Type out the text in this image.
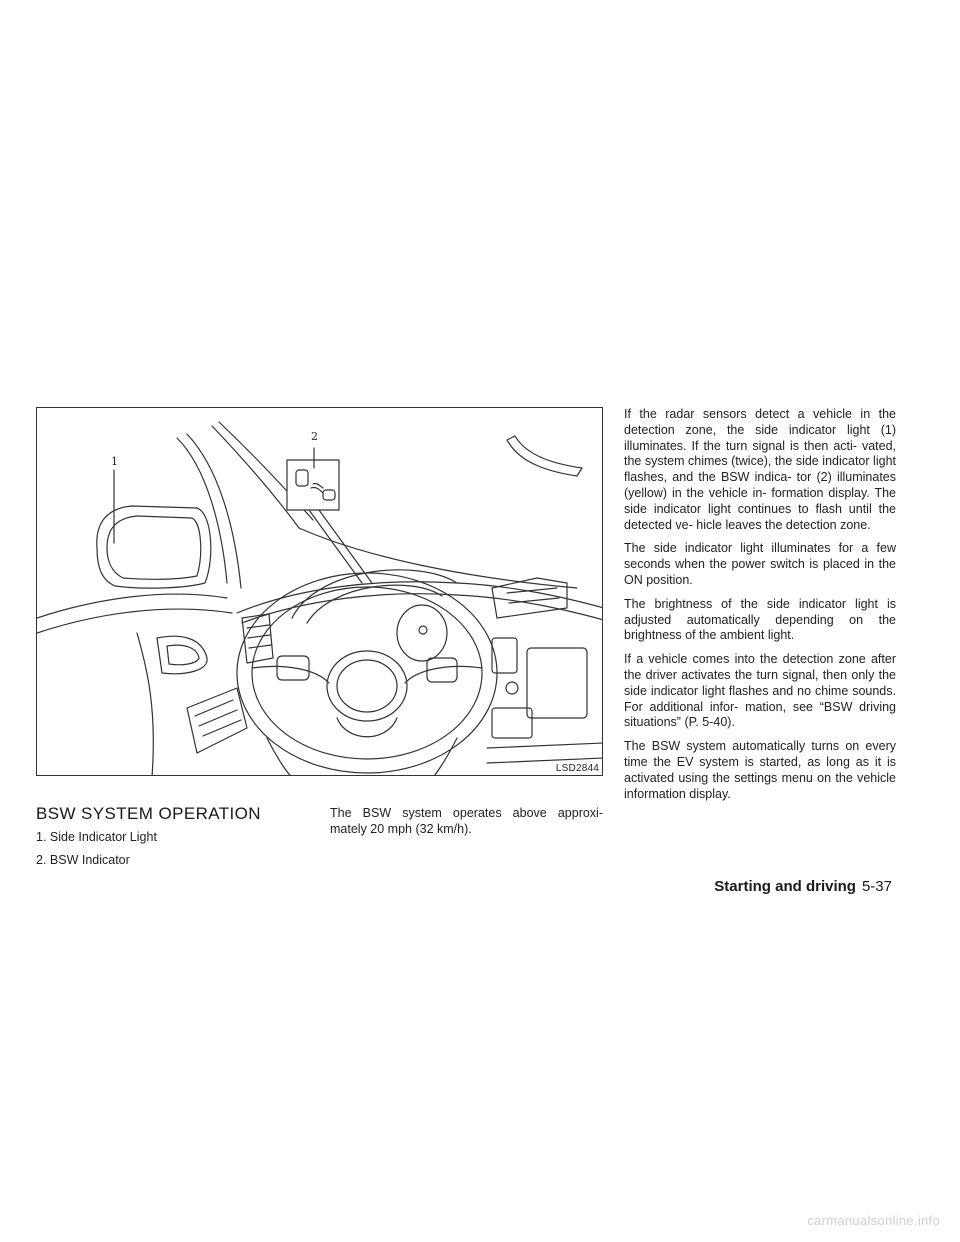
1
2
LSD2844
BSW SYSTEM OPERATION
1. Side Indicator Light
2. BSW Indicator
The BSW system operates above approxi- mately 20 mph (32 km/h).

If the radar sensors detect a vehicle in the detection zone, the side indicator light (1) illuminates. If the turn signal is then acti- vated, the system chimes (twice), the side indicator light flashes, and the BSW indica- tor (2) illuminates (yellow) in the vehicle in- formation display. The side indicator light continues to flash until the detected ve- hicle leaves the detection zone.

The side indicator light illuminates for a few seconds when the power switch is placed in the ON position.

The brightness of the side indicator light is adjusted automatically depending on the brightness of the ambient light.

If a vehicle comes into the detection zone after the driver activates the turn signal, then only the side indicator light flashes and no chime sounds. For additional infor- mation, see “BSW driving situations” (P. 5-40).

The BSW system automatically turns on every time the EV system is started, as long as it is activated using the settings menu on the vehicle information display.

Starting and driving 5-37
carmanualsonline.info
